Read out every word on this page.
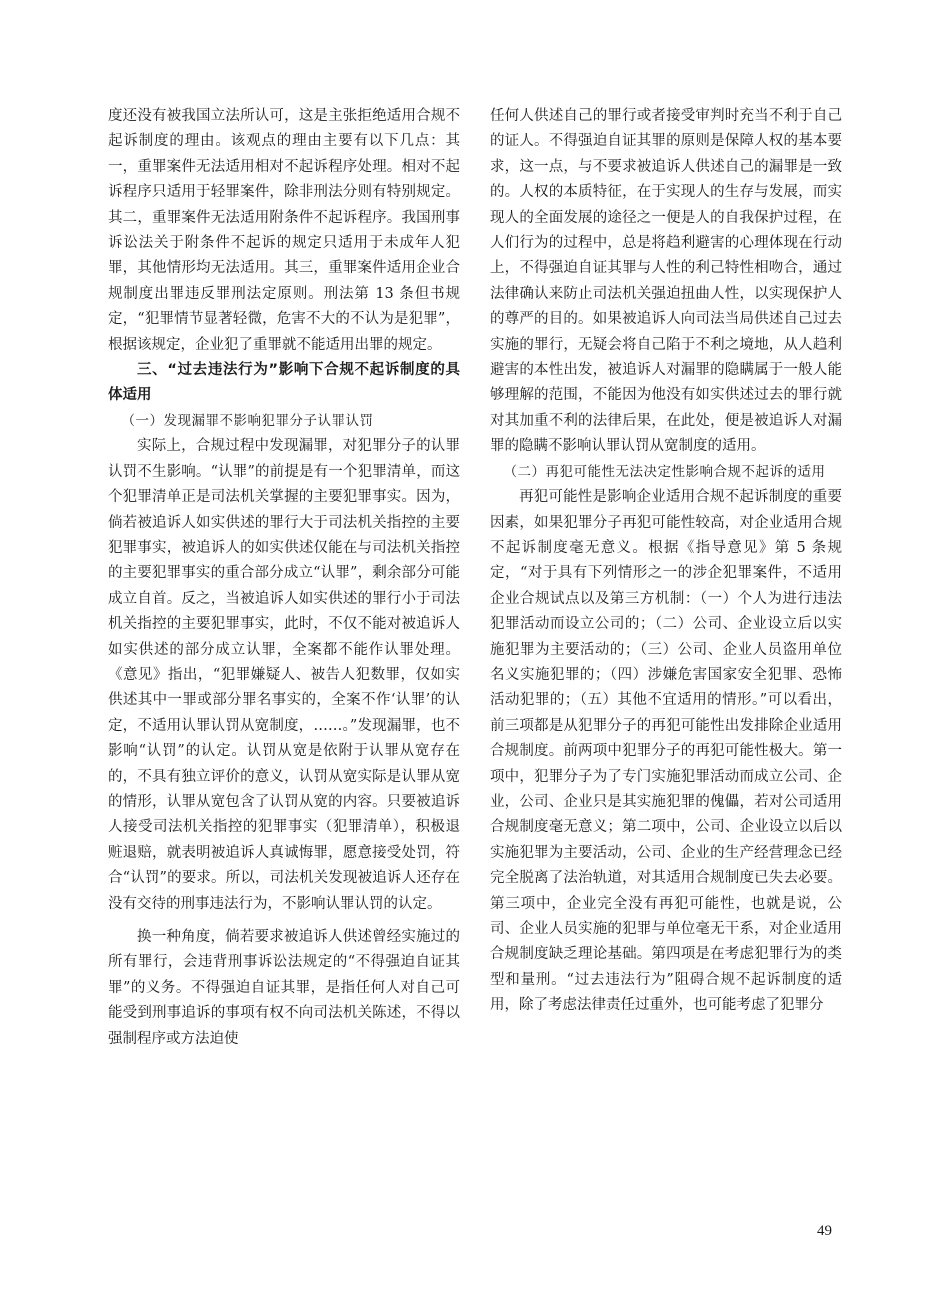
度还没有被我国立法所认可，这是主张拒绝适用合规不起诉制度的理由。该观点的理由主要有以下几点：其一，重罪案件无法适用相对不起诉程序处理。相对不起诉程序只适用于轻罪案件，除非刑法分则有特别规定。其二，重罪案件无法适用附条件不起诉程序。我国刑事诉讼法关于附条件不起诉的规定只适用于未成年人犯罪，其他情形均无法适用。其三，重罪案件适用企业合规制度出罪违反罪刑法定原则。刑法第 13 条但书规定，“犯罪情节显著轻微，危害不大的不认为是犯罪”，根据该规定，企业犯了重罪就不能适用出罪的规定。

三、“过去违法行为”影响下合规不起诉制度的具体适用

（一）发现漏罪不影响犯罪分子认罪认罚

实际上，合规过程中发现漏罪，对犯罪分子的认罪认罚不生影响。“认罪”的前提是有一个犯罪清单，而这个犯罪清单正是司法机关掌握的主要犯罪事实。因为，倘若被追诉人如实供述的罪行大于司法机关指控的主要犯罪事实，被追诉人的如实供述仅能在与司法机关指控的主要犯罪事实的重合部分成立“认罪”，剩余部分可能成立自首。反之，当被追诉人如实供述的罪行小于司法机关指控的主要犯罪事实，此时，不仅不能对被追诉人如实供述的部分成立认罪，全案都不能作认罪处理。《意见》指出，“犯罪嫌疑人、被告人犯数罪，仅如实供述其中一罪或部分罪名事实的，全案不作‘认罪’的认定，不适用认罪认罚从宽制度，……。”发现漏罪，也不影响“认罚”的认定。认罚从宽是依附于认罪从宽存在的，不具有独立评价的意义，认罚从宽实际是认罪从宽的情形，认罪从宽包含了认罚从宽的内容。只要被追诉人接受司法机关指控的犯罪事实（犯罪清单），积极退赃退赔，就表明被追诉人真诚悔罪，愿意接受处罚，符合“认罚”的要求。所以，司法机关发现被追诉人还存在没有交待的刑事违法行为，不影响认罪认罚的认定。

换一种角度，倘若要求被追诉人供述曾经实施过的所有罪行，会违背刑事诉讼法规定的“不得强迫自证其罪”的义务。不得强迫自证其罪，是指任何人对自己可能受到刑事追诉的事项有权不向司法机关陈述，不得以强制程序或方法迫使

任何人供述自己的罪行或者接受审判时充当不利于自己的证人。不得强迫自证其罪的原则是保障人权的基本要求，这一点，与不要求被追诉人供述自己的漏罪是一致的。人权的本质特征，在于实现人的生存与发展，而实现人的全面发展的途径之一便是人的自我保护过程，在人们行为的过程中，总是将趋利避害的心理体现在行动上，不得强迫自证其罪与人性的利己特性相吻合，通过法律确认来防止司法机关强迫扭曲人性，以实现保护人的尊严的目的。如果被追诉人向司法当局供述自己过去实施的罪行，无疑会将自己陷于不利之境地，从人趋利避害的本性出发，被追诉人对漏罪的隐瞒属于一般人能够理解的范围，不能因为他没有如实供述过去的罪行就对其加重不利的法律后果，在此处，便是被追诉人对漏罪的隐瞒不影响认罪认罚从宽制度的适用。

（二）再犯可能性无法决定性影响合规不起诉的适用

再犯可能性是影响企业适用合规不起诉制度的重要因素，如果犯罪分子再犯可能性较高，对企业适用合规不起诉制度毫无意义。根据《指导意见》第 5 条规定，“对于具有下列情形之一的涉企犯罪案件，不适用企业合规试点以及第三方机制：（一）个人为进行违法犯罪活动而设立公司的；（二）公司、企业设立后以实施犯罪为主要活动的；（三）公司、企业人员盗用单位名义实施犯罪的；（四）涉嫌危害国家安全犯罪、恐怖活动犯罪的；（五）其他不宜适用的情形。”可以看出，前三项都是从犯罪分子的再犯可能性出发排除企业适用合规制度。前两项中犯罪分子的再犯可能性极大。第一项中，犯罪分子为了专门实施犯罪活动而成立公司、企业，公司、企业只是其实施犯罪的傀儡，若对公司适用合规制度毫无意义；第二项中，公司、企业设立以后以实施犯罪为主要活动，公司、企业的生产经营理念已经完全脱离了法治轨道，对其适用合规制度已失去必要。第三项中，企业完全没有再犯可能性，也就是说，公司、企业人员实施的犯罪与单位毫无干系，对企业适用合规制度缺乏理论基础。第四项是在考虑犯罪行为的类型和量刑。“过去违法行为”阻碍合规不起诉制度的适用，除了考虑法律责任过重外，也可能考虑了犯罪分

49
